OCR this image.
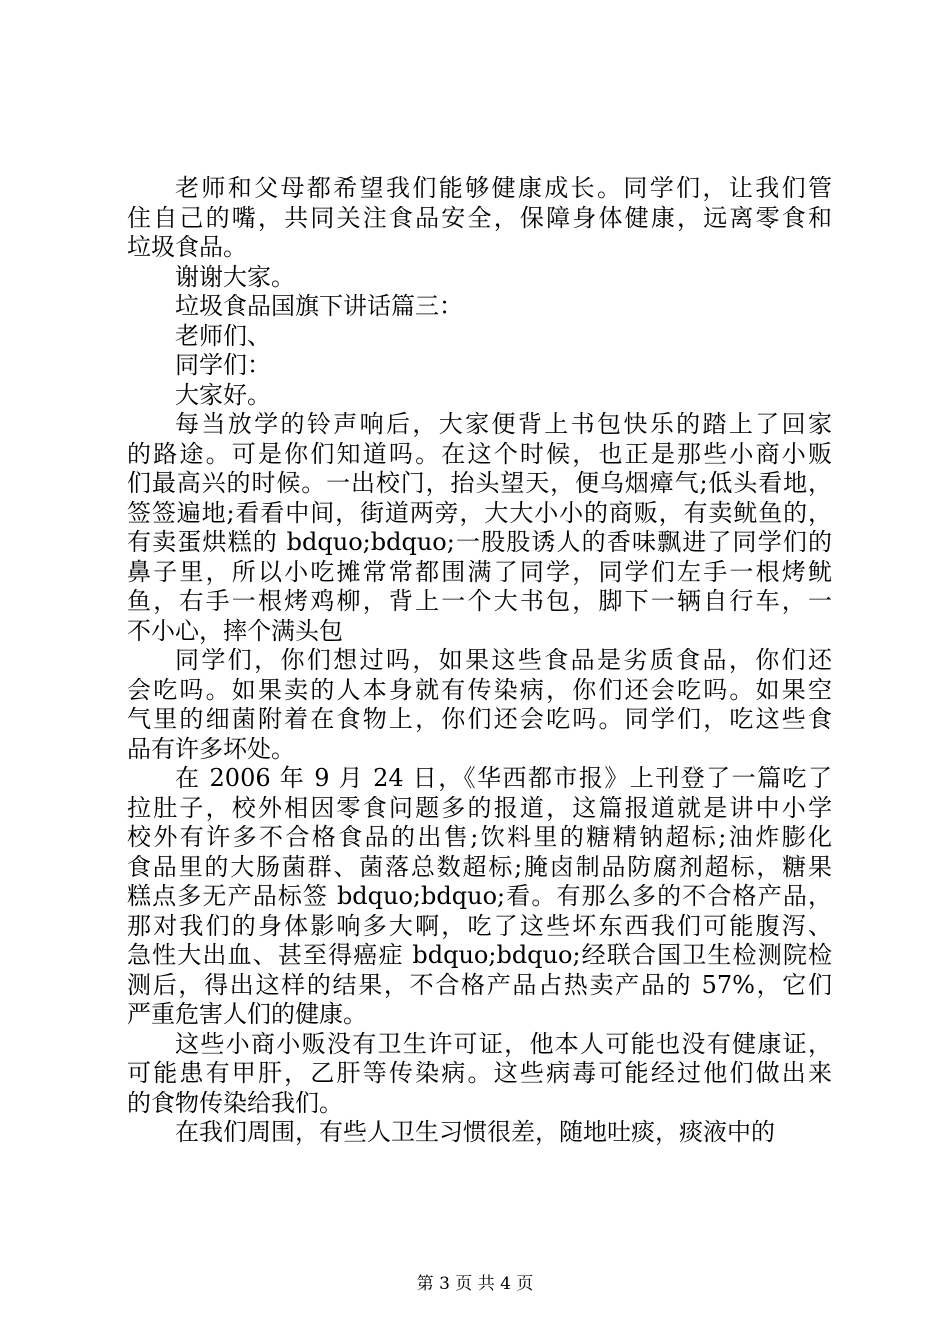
老师和父母都希望我们能够健康成长。同学们，让我们管
住自己的嘴，共同关注食品安全，保障身体健康，远离零食和
垃圾食品。
谢谢大家。
垃圾食品国旗下讲话篇三：
老师们、
同学们：
大家好。
每当放学的铃声响后，大家便背上书包快乐的踏上了回家
的路途。可是你们知道吗。在这个时候，也正是那些小商小贩
们最高兴的时候。一出校门，抬头望天，便乌烟瘴气;低头看地，
签签遍地;看看中间，街道两旁，大大小小的商贩，有卖鱿鱼的，
有卖蛋烘糕的 bdquo;bdquo;一股股诱人的香味飘进了同学们的
鼻子里，所以小吃摊常常都围满了同学，同学们左手一根烤鱿
鱼，右手一根烤鸡柳，背上一个大书包，脚下一辆自行车，一
不小心，摔个满头包
同学们，你们想过吗，如果这些食品是劣质食品，你们还
会吃吗。如果卖的人本身就有传染病，你们还会吃吗。如果空
气里的细菌附着在食物上，你们还会吃吗。同学们，吃这些食
品有许多坏处。
在 2006 年 9 月 24 日，《华西都市报》上刊登了一篇吃了
拉肚子，校外相因零食问题多的报道，这篇报道就是讲中小学
校外有许多不合格食品的出售;饮料里的糖精钠超标;油炸膨化
食品里的大肠菌群、菌落总数超标;腌卤制品防腐剂超标，糖果
糕点多无产品标签 bdquo;bdquo;看。有那么多的不合格产品，
那对我们的身体影响多大啊，吃了这些坏东西我们可能腹泻、
急性大出血、甚至得癌症 bdquo;bdquo;经联合国卫生检测院检
测后，得出这样的结果，不合格产品占热卖产品的 57%，它们
严重危害人们的健康。
这些小商小贩没有卫生许可证，他本人可能也没有健康证，
可能患有甲肝，乙肝等传染病。这些病毒可能经过他们做出来
的食物传染给我们。
在我们周围，有些人卫生习惯很差，随地吐痰，痰液中的
第 3 页 共 4 页
